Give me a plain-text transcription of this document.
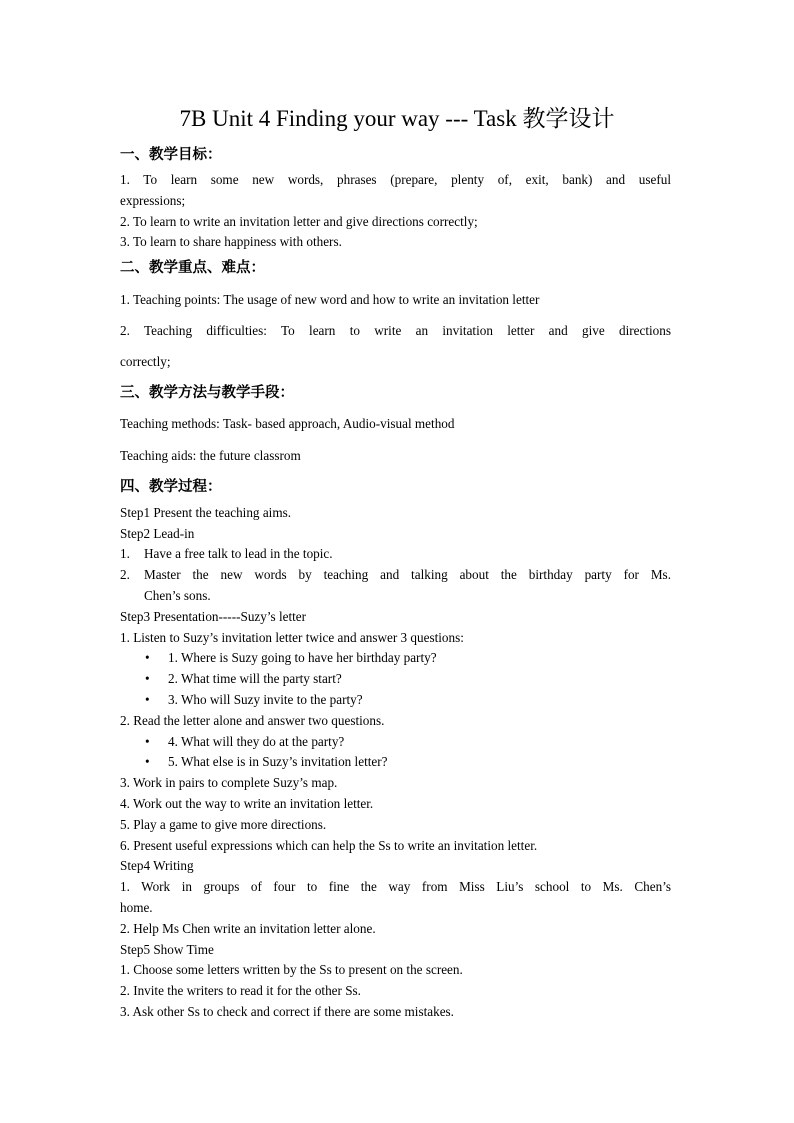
7B Unit 4 Finding your way --- Task 教学设计
一、教学目标：
1. To learn some new words, phrases (prepare, plenty of, exit, bank) and useful
expressions;
2. To learn to write an invitation letter and give directions correctly;
3. To learn to share happiness with others.
二、教学重点、难点：
1. Teaching points: The usage of new word and how to write an invitation letter
2. Teaching difficulties: To learn to write an invitation letter and give directions
correctly;
三、教学方法与教学手段：
Teaching methods: Task- based approach, Audio-visual method
Teaching aids: the future classrom
四、教学过程：
Step1 Present the teaching aims.
Step2 Lead-in
1. Have a free talk to lead in the topic.
2. Master the new words by teaching and talking about the birthday party for Ms.
Chen’s sons.
Step3 Presentation-----Suzy’s letter
1. Listen to Suzy’s invitation letter twice and answer 3 questions:
• 1. Where is Suzy going to have her birthday party?
• 2. What time will the party start?
• 3. Who will Suzy invite to the party?
2. Read the letter alone and answer two questions.
• 4. What will they do at the party?
• 5. What else is in Suzy’s invitation letter?
3. Work in pairs to complete Suzy’s map.
4. Work out the way to write an invitation letter.
5. Play a game to give more directions.
6. Present useful expressions which can help the Ss to write an invitation letter.
Step4 Writing
1. Work in groups of four to fine the way from Miss Liu’s school to Ms. Chen’s
home.
2. Help Ms Chen write an invitation letter alone.
Step5 Show Time
1. Choose some letters written by the Ss to present on the screen.
2. Invite the writers to read it for the other Ss.
3. Ask other Ss to check and correct if there are some mistakes.
